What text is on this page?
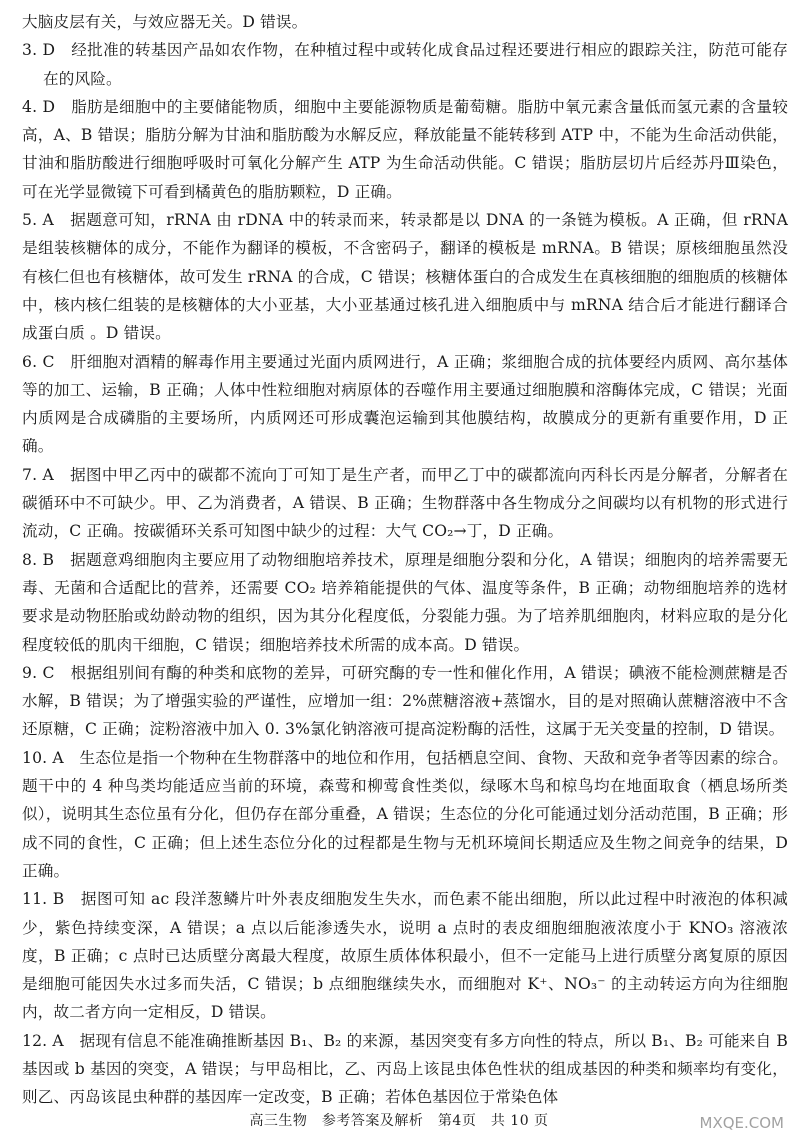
大脑皮层有关，与效应器无关。D 错误。

3. D　经批准的转基因产品如农作物，在种植过程中或转化成食品过程还要进行相应的跟踪关注，防范可能存在的风险。

4. D　脂肪是细胞中的主要储能物质，细胞中主要能源物质是葡萄糖。脂肪中氧元素含量低而氢元素的含量较高，A、B 错误；脂肪分解为甘油和脂肪酸为水解反应，释放能量不能转移到 ATP 中，不能为生命活动供能，甘油和脂肪酸进行细胞呼吸时可氧化分解产生 ATP 为生命活动供能。C 错误；脂肪层切片后经苏丹Ⅲ染色，可在光学显微镜下可看到橘黄色的脂肪颗粒，D 正确。

5. A　据题意可知，rRNA 由 rDNA 中的转录而来，转录都是以 DNA 的一条链为模板。A 正确，但 rRNA 是组装核糖体的成分，不能作为翻译的模板，不含密码子，翻译的模板是 mRNA。B 错误；原核细胞虽然没有核仁但也有核糖体，故可发生 rRNA 的合成，C 错误；核糖体蛋白的合成发生在真核细胞的细胞质的核糖体中，核内核仁组装的是核糖体的大小亚基，大小亚基通过核孔进入细胞质中与 mRNA 结合后才能进行翻译合成蛋白质 。D 错误。

6. C　肝细胞对酒精的解毒作用主要通过光面内质网进行，A 正确；浆细胞合成的抗体要经内质网、高尔基体等的加工、运输，B 正确；人体中性粒细胞对病原体的吞噬作用主要通过细胞膜和溶酶体完成，C 错误；光面内质网是合成磷脂的主要场所，内质网还可形成囊泡运输到其他膜结构，故膜成分的更新有重要作用，D 正确。

7. A　据图中甲乙丙中的碳都不流向丁可知丁是生产者，而甲乙丁中的碳都流向丙科长丙是分解者，分解者在碳循环中不可缺少。甲、乙为消费者，A 错误、B 正确；生物群落中各生物成分之间碳均以有机物的形式进行流动，C 正确。按碳循环关系可知图中缺少的过程：大气 CO₂→丁，D 正确。

8. B　据题意鸡细胞肉主要应用了动物细胞培养技术，原理是细胞分裂和分化，A 错误；细胞肉的培养需要无毒、无菌和合适配比的营养，还需要 CO₂ 培养箱能提供的气体、温度等条件，B 正确；动物细胞培养的选材要求是动物胚胎或幼龄动物的组织，因为其分化程度低，分裂能力强。为了培养肌细胞肉，材料应取的是分化程度较低的肌肉干细胞，C 错误；细胞培养技术所需的成本高。D 错误。

9. C　根据组别间有酶的种类和底物的差异，可研究酶的专一性和催化作用，A 错误；碘液不能检测蔗糖是否水解，B 错误；为了增强实验的严谨性，应增加一组：2%蔗糖溶液+蒸馏水，目的是对照确认蔗糖溶液中不含还原糖，C 正确；淀粉溶液中加入 0. 3%氯化钠溶液可提高淀粉酶的活性，这属于无关变量的控制，D 错误。

10. A　生态位是指一个物种在生物群落中的地位和作用，包括栖息空间、食物、天敌和竞争者等因素的综合。题干中的 4 种鸟类均能适应当前的环境，森莺和柳莺食性类似，绿啄木鸟和椋鸟均在地面取食（栖息场所类似），说明其生态位虽有分化，但仍存在部分重叠，A 错误；生态位的分化可能通过划分活动范围，B 正确；形成不同的食性，C 正确；但上述生态位分化的过程都是生物与无机环境间长期适应及生物之间竞争的结果，D 正确。

11. B　据图可知 ac 段洋葱鳞片叶外表皮细胞发生失水，而色素不能出细胞，所以此过程中时液泡的体积减少，紫色持续变深，A 错误；a 点以后能渗透失水，说明 a 点时的表皮细胞细胞液浓度小于 KNO₃ 溶液浓度，B 正确；c 点时已达质壁分离最大程度，故原生质体体积最小，但不一定能马上进行质壁分离复原的原因是细胞可能因失水过多而失活，C 错误；b 点细胞继续失水，而细胞对 K⁺、NO₃⁻ 的主动转运方向为往细胞内，故二者方向一定相反，D 错误。

12. A　据现有信息不能准确推断基因 B₁、B₂ 的来源，基因突变有多方向性的特点，所以 B₁、B₂ 可能来自 B 基因或 b 基因的突变，A 错误；与甲岛相比，乙、丙岛上该昆虫体色性状的组成基因的种类和频率均有变化，则乙、丙岛该昆虫种群的基因库一定改变，B 正确；若体色基因位于常染色体

高三生物　参考答案及解析　第4页　共 10 页	MXQE.COM
